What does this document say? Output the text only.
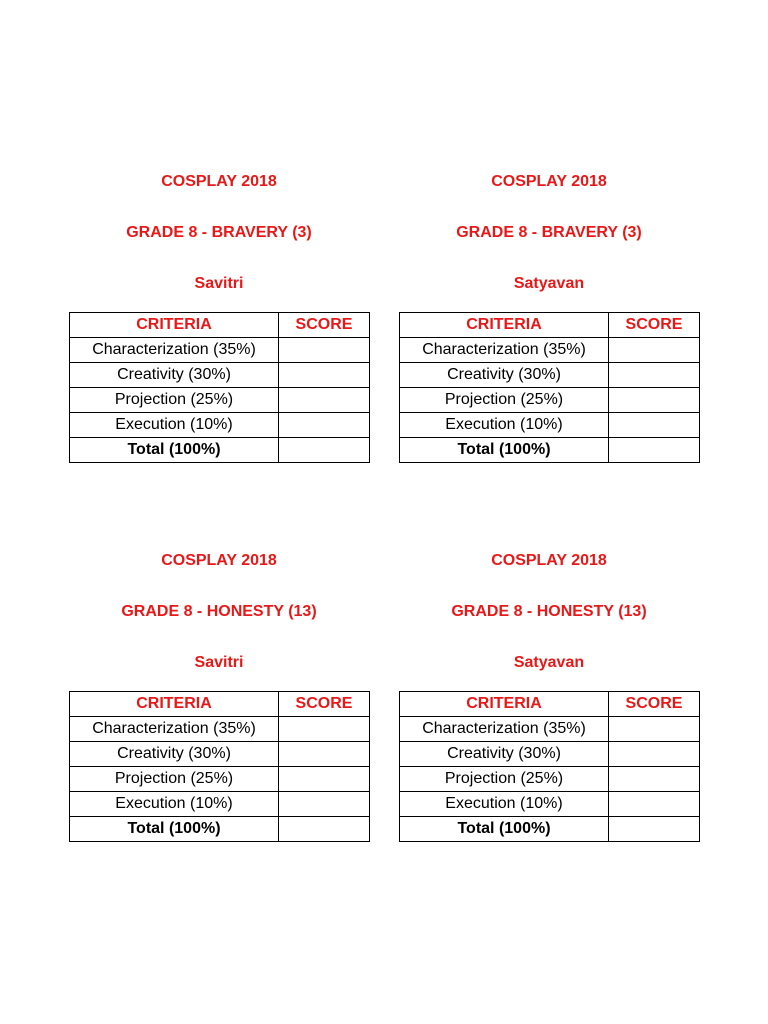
COSPLAY 2018
GRADE 8 - BRAVERY (3)
Savitri
CRITERIA	SCORE
Characterization (35%)	
Creativity (30%)	
Projection (25%)	
Execution (10%)	
Total (100%)	
COSPLAY 2018
GRADE 8 - BRAVERY (3)
Satyavan
CRITERIA	SCORE
Characterization (35%)	
Creativity (30%)	
Projection (25%)	
Execution (10%)	
Total (100%)	
COSPLAY 2018
GRADE 8 - HONESTY (13)
Savitri
CRITERIA	SCORE
Characterization (35%)	
Creativity (30%)	
Projection (25%)	
Execution (10%)	
Total (100%)	
COSPLAY 2018
GRADE 8 - HONESTY (13)
Satyavan
CRITERIA	SCORE
Characterization (35%)	
Creativity (30%)	
Projection (25%)	
Execution (10%)	
Total (100%)	
